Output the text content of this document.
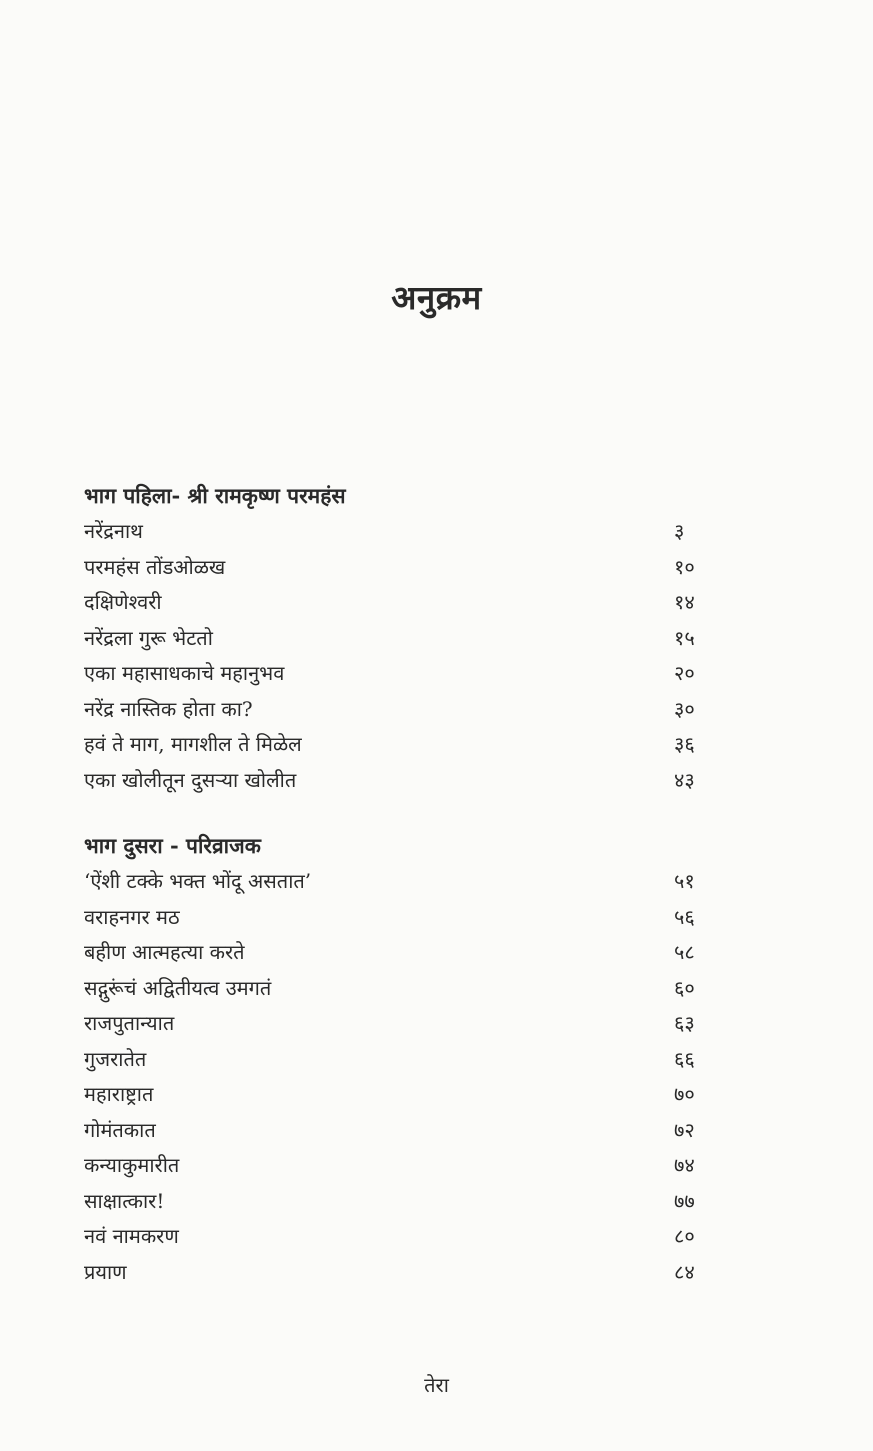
अनुक्रम
भाग पहिला- श्री रामकृष्ण परमहंस
नरेंद्रनाथ	३
परमहंस तोंडओळख	१०
दक्षिणेश्वरी	१४
नरेंद्रला गुरू भेटतो	१५
एका महासाधकाचे महानुभव	२०
नरेंद्र नास्तिक होता का?	३०
हवं ते माग, मागशील ते मिळेल	३६
एका खोलीतून दुसऱ्या खोलीत	४३
भाग दुसरा - परिव्राजक
‘ऐंशी टक्के भक्त भोंदू असतात’	५१
वराहनगर मठ	५६
बहीण आत्महत्या करते	५८
सद्गुरूंचं अद्वितीयत्व उमगतं	६०
राजपुतान्यात	६३
गुजरातेत	६६
महाराष्ट्रात	७०
गोमंतकात	७२
कन्याकुमारीत	७४
साक्षात्कार!	७७
नवं नामकरण	८०
प्रयाण	८४
तेरा
